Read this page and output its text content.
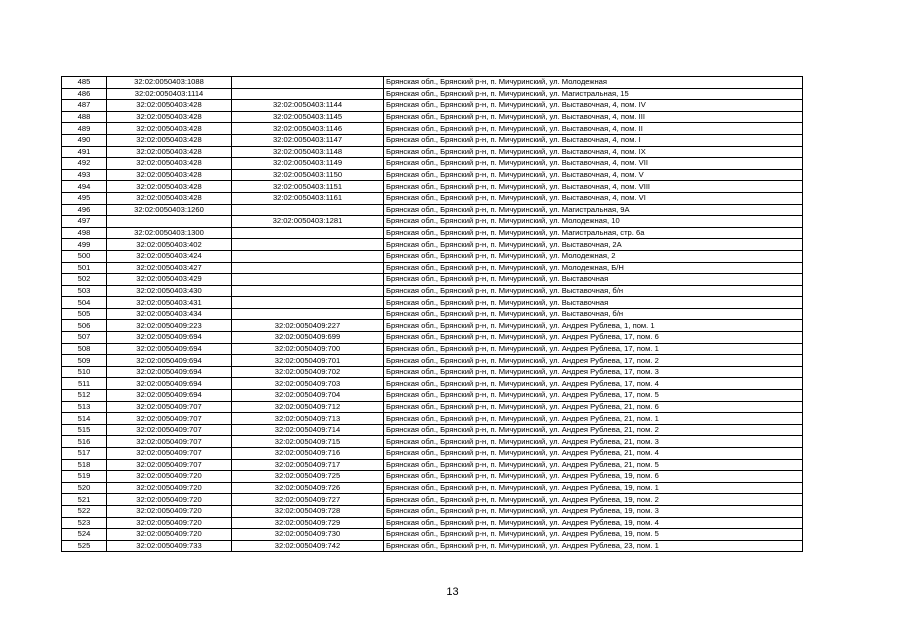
485	32:02:0050403:1088		Брянская обл., Брянский р-н, п. Мичуринский, ул. Молодежная
486	32:02:0050403:1114		Брянская обл., Брянский р-н, п. Мичуринский, ул. Магистральная, 15
487	32:02:0050403:428	32:02:0050403:1144	Брянская обл., Брянский р-н, п. Мичуринский, ул. Выставочная, 4, пом. IV
488	32:02:0050403:428	32:02:0050403:1145	Брянская обл., Брянский р-н, п. Мичуринский, ул. Выставочная, 4, пом. III
489	32:02:0050403:428	32:02:0050403:1146	Брянская обл., Брянский р-н, п. Мичуринский, ул. Выставочная, 4, пом. II
490	32:02:0050403:428	32:02:0050403:1147	Брянская обл., Брянский р-н, п. Мичуринский, ул. Выставочная, 4, пом. I
491	32:02:0050403:428	32:02:0050403:1148	Брянская обл., Брянский р-н, п. Мичуринский, ул. Выставочная, 4, пом. IX
492	32:02:0050403:428	32:02:0050403:1149	Брянская обл., Брянский р-н, п. Мичуринский, ул. Выставочная, 4, пом. VII
493	32:02:0050403:428	32:02:0050403:1150	Брянская обл., Брянский р-н, п. Мичуринский, ул. Выставочная, 4, пом. V
494	32:02:0050403:428	32:02:0050403:1151	Брянская обл., Брянский р-н, п. Мичуринский, ул. Выставочная, 4, пом. VIII
495	32:02:0050403:428	32:02:0050403:1161	Брянская обл., Брянский р-н, п. Мичуринский, ул. Выставочная, 4, пом. VI
496	32:02:0050403:1260		Брянская обл., Брянский р-н, п. Мичуринский, ул. Магистральная, 9А
497		32:02:0050403:1281	Брянская обл., Брянский р-н, п. Мичуринский, ул. Молодежная, 10
498	32:02:0050403:1300		Брянская обл., Брянский р-н, п. Мичуринский, ул. Магистральная, стр. 6а
499	32:02:0050403:402		Брянская обл., Брянский р-н, п. Мичуринский, ул. Выставочная, 2А
500	32:02:0050403:424		Брянская обл., Брянский р-н, п. Мичуринский, ул. Молодежная, 2
501	32:02:0050403:427		Брянская обл., Брянский р-н, п. Мичуринский, ул. Молодежная, Б/Н
502	32:02:0050403:429		Брянская обл., Брянский р-н, п. Мичуринский, ул. Выставочная
503	32:02:0050403:430		Брянская обл., Брянский р-н, п. Мичуринский, ул. Выставочная, б/н
504	32:02:0050403:431		Брянская обл., Брянский р-н, п. Мичуринский, ул. Выставочная
505	32:02:0050403:434		Брянская обл., Брянский р-н, п. Мичуринский, ул. Выставочная, б/н
506	32:02:0050409:223	32:02:0050409:227	Брянская обл., Брянский р-н, п. Мичуринский, ул. Андрея Рублева, 1, пом. 1
507	32:02:0050409:694	32:02:0050409:699	Брянская обл., Брянский р-н, п. Мичуринский, ул. Андрея Рублева, 17, пом. 6
508	32:02:0050409:694	32:02:0050409:700	Брянская обл., Брянский р-н, п. Мичуринский, ул. Андрея Рублева, 17, пом. 1
509	32:02:0050409:694	32:02:0050409:701	Брянская обл., Брянский р-н, п. Мичуринский, ул. Андрея Рублева, 17, пом. 2
510	32:02:0050409:694	32:02:0050409:702	Брянская обл., Брянский р-н, п. Мичуринский, ул. Андрея Рублева, 17, пом. 3
511	32:02:0050409:694	32:02:0050409:703	Брянская обл., Брянский р-н, п. Мичуринский, ул. Андрея Рублева, 17, пом. 4
512	32:02:0050409:694	32:02:0050409:704	Брянская обл., Брянский р-н, п. Мичуринский, ул. Андрея Рублева, 17, пом. 5
513	32:02:0050409:707	32:02:0050409:712	Брянская обл., Брянский р-н, п. Мичуринский, ул. Андрея Рублева, 21, пом. 6
514	32:02:0050409:707	32:02:0050409:713	Брянская обл., Брянский р-н, п. Мичуринский, ул. Андрея Рублева, 21, пом. 1
515	32:02:0050409:707	32:02:0050409:714	Брянская обл., Брянский р-н, п. Мичуринский, ул. Андрея Рублева, 21, пом. 2
516	32:02:0050409:707	32:02:0050409:715	Брянская обл., Брянский р-н, п. Мичуринский, ул. Андрея Рублева, 21, пом. 3
517	32:02:0050409:707	32:02:0050409:716	Брянская обл., Брянский р-н, п. Мичуринский, ул. Андрея Рублева, 21, пом. 4
518	32:02:0050409:707	32:02:0050409:717	Брянская обл., Брянский р-н, п. Мичуринский, ул. Андрея Рублева, 21, пом. 5
519	32:02:0050409:720	32:02:0050409:725	Брянская обл., Брянский р-н, п. Мичуринский, ул. Андрея Рублева, 19, пом. 6
520	32:02:0050409:720	32:02:0050409:726	Брянская обл., Брянский р-н, п. Мичуринский, ул. Андрея Рублева, 19, пом. 1
521	32:02:0050409:720	32:02:0050409:727	Брянская обл., Брянский р-н, п. Мичуринский, ул. Андрея Рублева, 19, пом. 2
522	32:02:0050409:720	32:02:0050409:728	Брянская обл., Брянский р-н, п. Мичуринский, ул. Андрея Рублева, 19, пом. 3
523	32:02:0050409:720	32:02:0050409:729	Брянская обл., Брянский р-н, п. Мичуринский, ул. Андрея Рублева, 19, пом. 4
524	32:02:0050409:720	32:02:0050409:730	Брянская обл., Брянский р-н, п. Мичуринский, ул. Андрея Рублева, 19, пом. 5
525	32:02:0050409:733	32:02:0050409:742	Брянская обл., Брянский р-н, п. Мичуринский, ул. Андрея Рублева, 23, пом. 1
13
